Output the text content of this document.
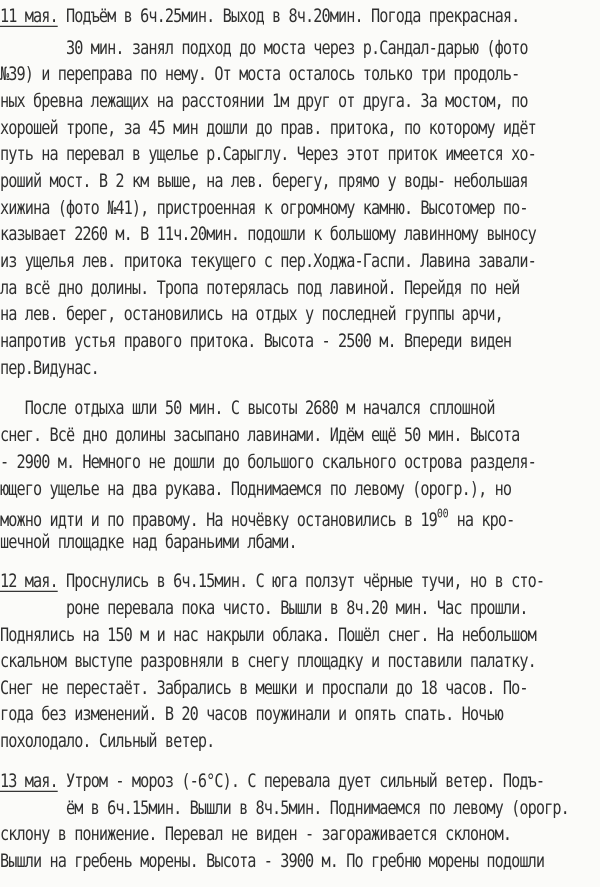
11 мая. Подъём в 6ч.25мин. Выход в 8ч.20мин. Погода прекрасная.
30 мин. занял подход до моста через р.Сандал-дарью (фото
№39) и переправа по нему. От моста осталось только три продоль-
ных бревна лежащих на расстоянии 1м друг от друга. За мостом, по
хорошей тропе, за 45 мин дошли до прав. притока, по которому идёт
путь на перевал в ущелье р.Сарыглу. Через этот приток имеется хо-
роший мост. В 2 км выше, на лев. берегу, прямо у воды- небольшая
хижина (фото №41), пристроенная к огромному камню. Высотомер по-
казывает 2260 м. В 11ч.20мин. подошли к большому лавинному выносу
из ущелья лев. притока текущего с пер.Ходжа-Гаспи. Лавина завали-
ла всё дно долины. Тропа потерялась под лавиной. Перейдя по ней
на лев. берег, остановились на отдых у последней группы арчи,
напротив устья правого притока. Высота - 2500 м. Впереди виден
пер.Видунас.
После отдыха шли 50 мин. С высоты 2680 м начался сплошной
снег. Всё дно долины засыпано лавинами. Идём ещё 50 мин. Высота
- 2900 м. Немного не дошли до большого скального острова разделя-
ющего ущелье на два рукава. Поднимаемся по левому (орогр.), но
можно идти и по правому. На ночёвку остановились в $19^{00}$ на кро-
шечной площадке над бараньими лбами.
12 мая. Проснулись в 6ч.15мин. С юга ползут чёрные тучи, но в сто-
роне перевала пока чисто. Вышли в 8ч.20 мин. Час прошли.
Поднялись на 150 м и нас накрыли облака. Пошёл снег. На небольшом
скальном выступе разровняли в снегу площадку и поставили палатку.
Снег не перестаёт. Забрались в мешки и проспали до 18 часов. По-
года без изменений. В 20 часов поужинали и опять спать. Ночью
похолодало. Сильный ветер.
13 мая. Утром - мороз (-6°C). С перевала дует сильный ветер. Подъ-
ём в 6ч.15мин. Вышли в 8ч.5мин. Поднимаемся по левому (орогр.
склону в понижение. Перевал не виден - загораживается склоном.
Вышли на гребень морены. Высота - 3900 м. По гребню морены подошли
